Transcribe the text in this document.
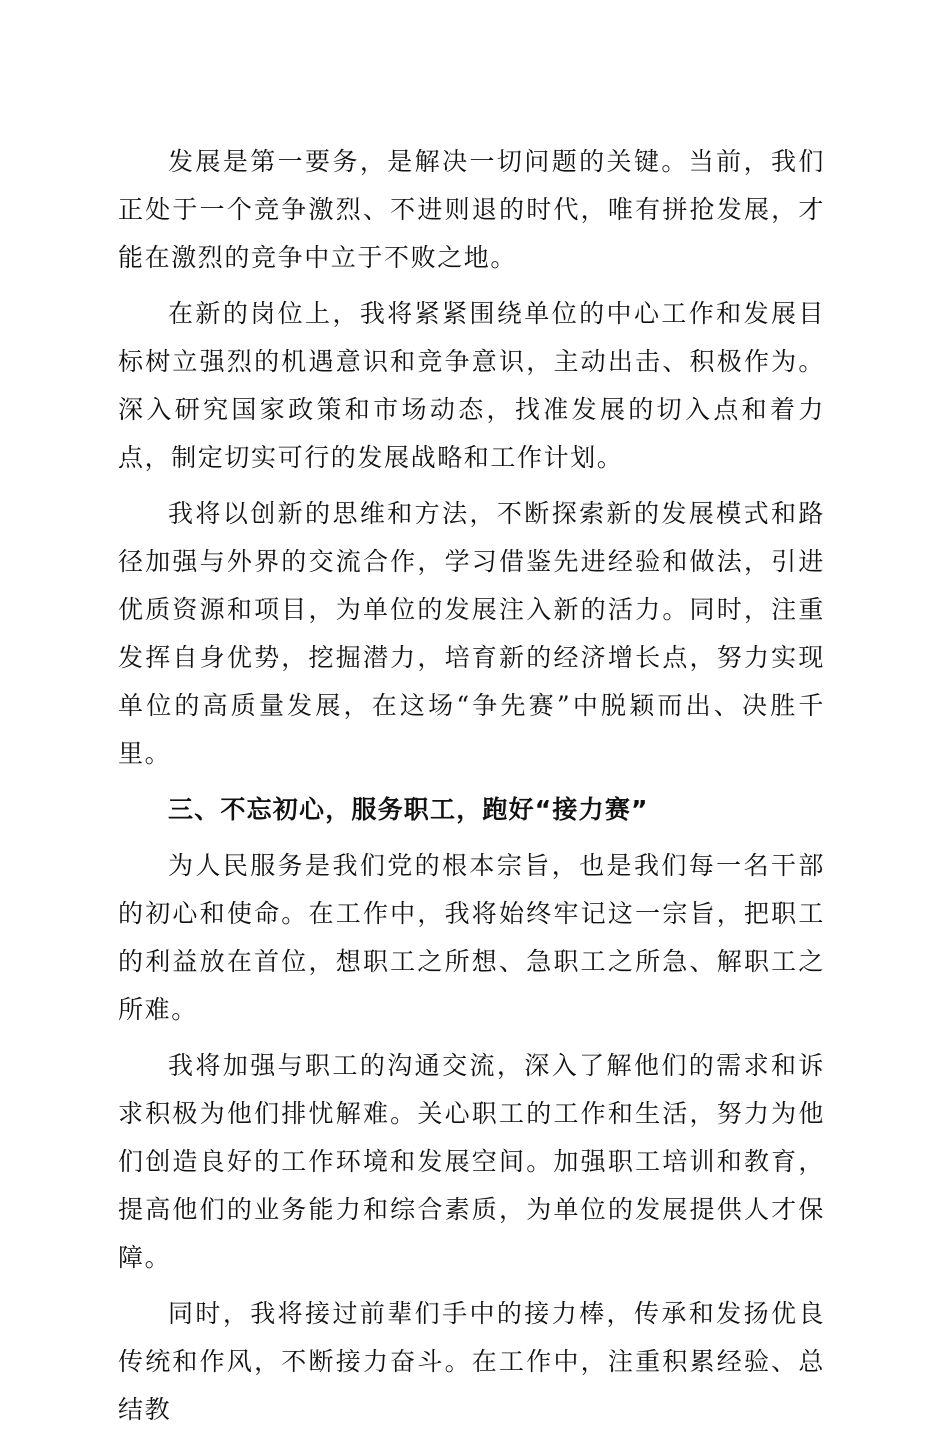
发展是第一要务，是解决一切问题的关键。当前，我们正处于一个竞争激烈、不进则退的时代，唯有拼抢发展，才能在激烈的竞争中立于不败之地。

在新的岗位上，我将紧紧围绕单位的中心工作和发展目标树立强烈的机遇意识和竞争意识，主动出击、积极作为。深入研究国家政策和市场动态，找准发展的切入点和着力点，制定切实可行的发展战略和工作计划。

我将以创新的思维和方法，不断探索新的发展模式和路径加强与外界的交流合作，学习借鉴先进经验和做法，引进优质资源和项目，为单位的发展注入新的活力。同时，注重发挥自身优势，挖掘潜力，培育新的经济增长点，努力实现单位的高质量发展，在这场“争先赛”中脱颖而出、决胜千里。

三、不忘初心，服务职工，跑好“接力赛”

为人民服务是我们党的根本宗旨，也是我们每一名干部的初心和使命。在工作中，我将始终牢记这一宗旨，把职工的利益放在首位，想职工之所想、急职工之所急、解职工之所难。

我将加强与职工的沟通交流，深入了解他们的需求和诉求积极为他们排忧解难。关心职工的工作和生活，努力为他们创造良好的工作环境和发展空间。加强职工培训和教育，提高他们的业务能力和综合素质，为单位的发展提供人才保障。

同时，我将接过前辈们手中的接力棒，传承和发扬优良传统和作风，不断接力奋斗。在工作中，注重积累经验、总结教
